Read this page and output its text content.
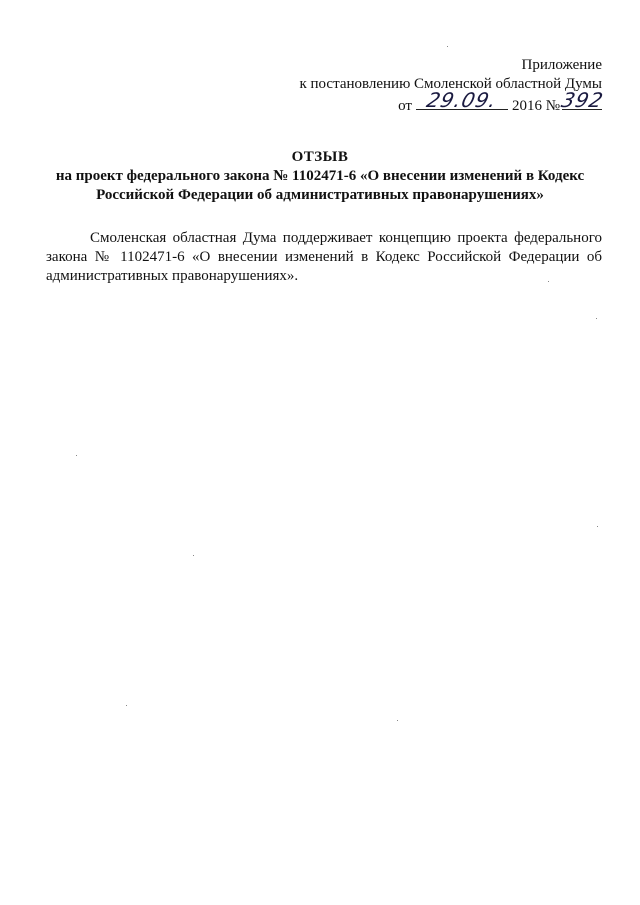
Приложение
к постановлению Смоленской областной Думы
от 29.09. 2016 № 392
ОТЗЫВ
на проект федерального закона № 1102471-6 «О внесении изменений в Кодекс
Российской Федерации об административных правонарушениях»

Смоленская областная Дума поддерживает концепцию проекта федерального закона № 1102471-6 «О внесении изменений в Кодекс Российской Федерации об административных правонарушениях».
